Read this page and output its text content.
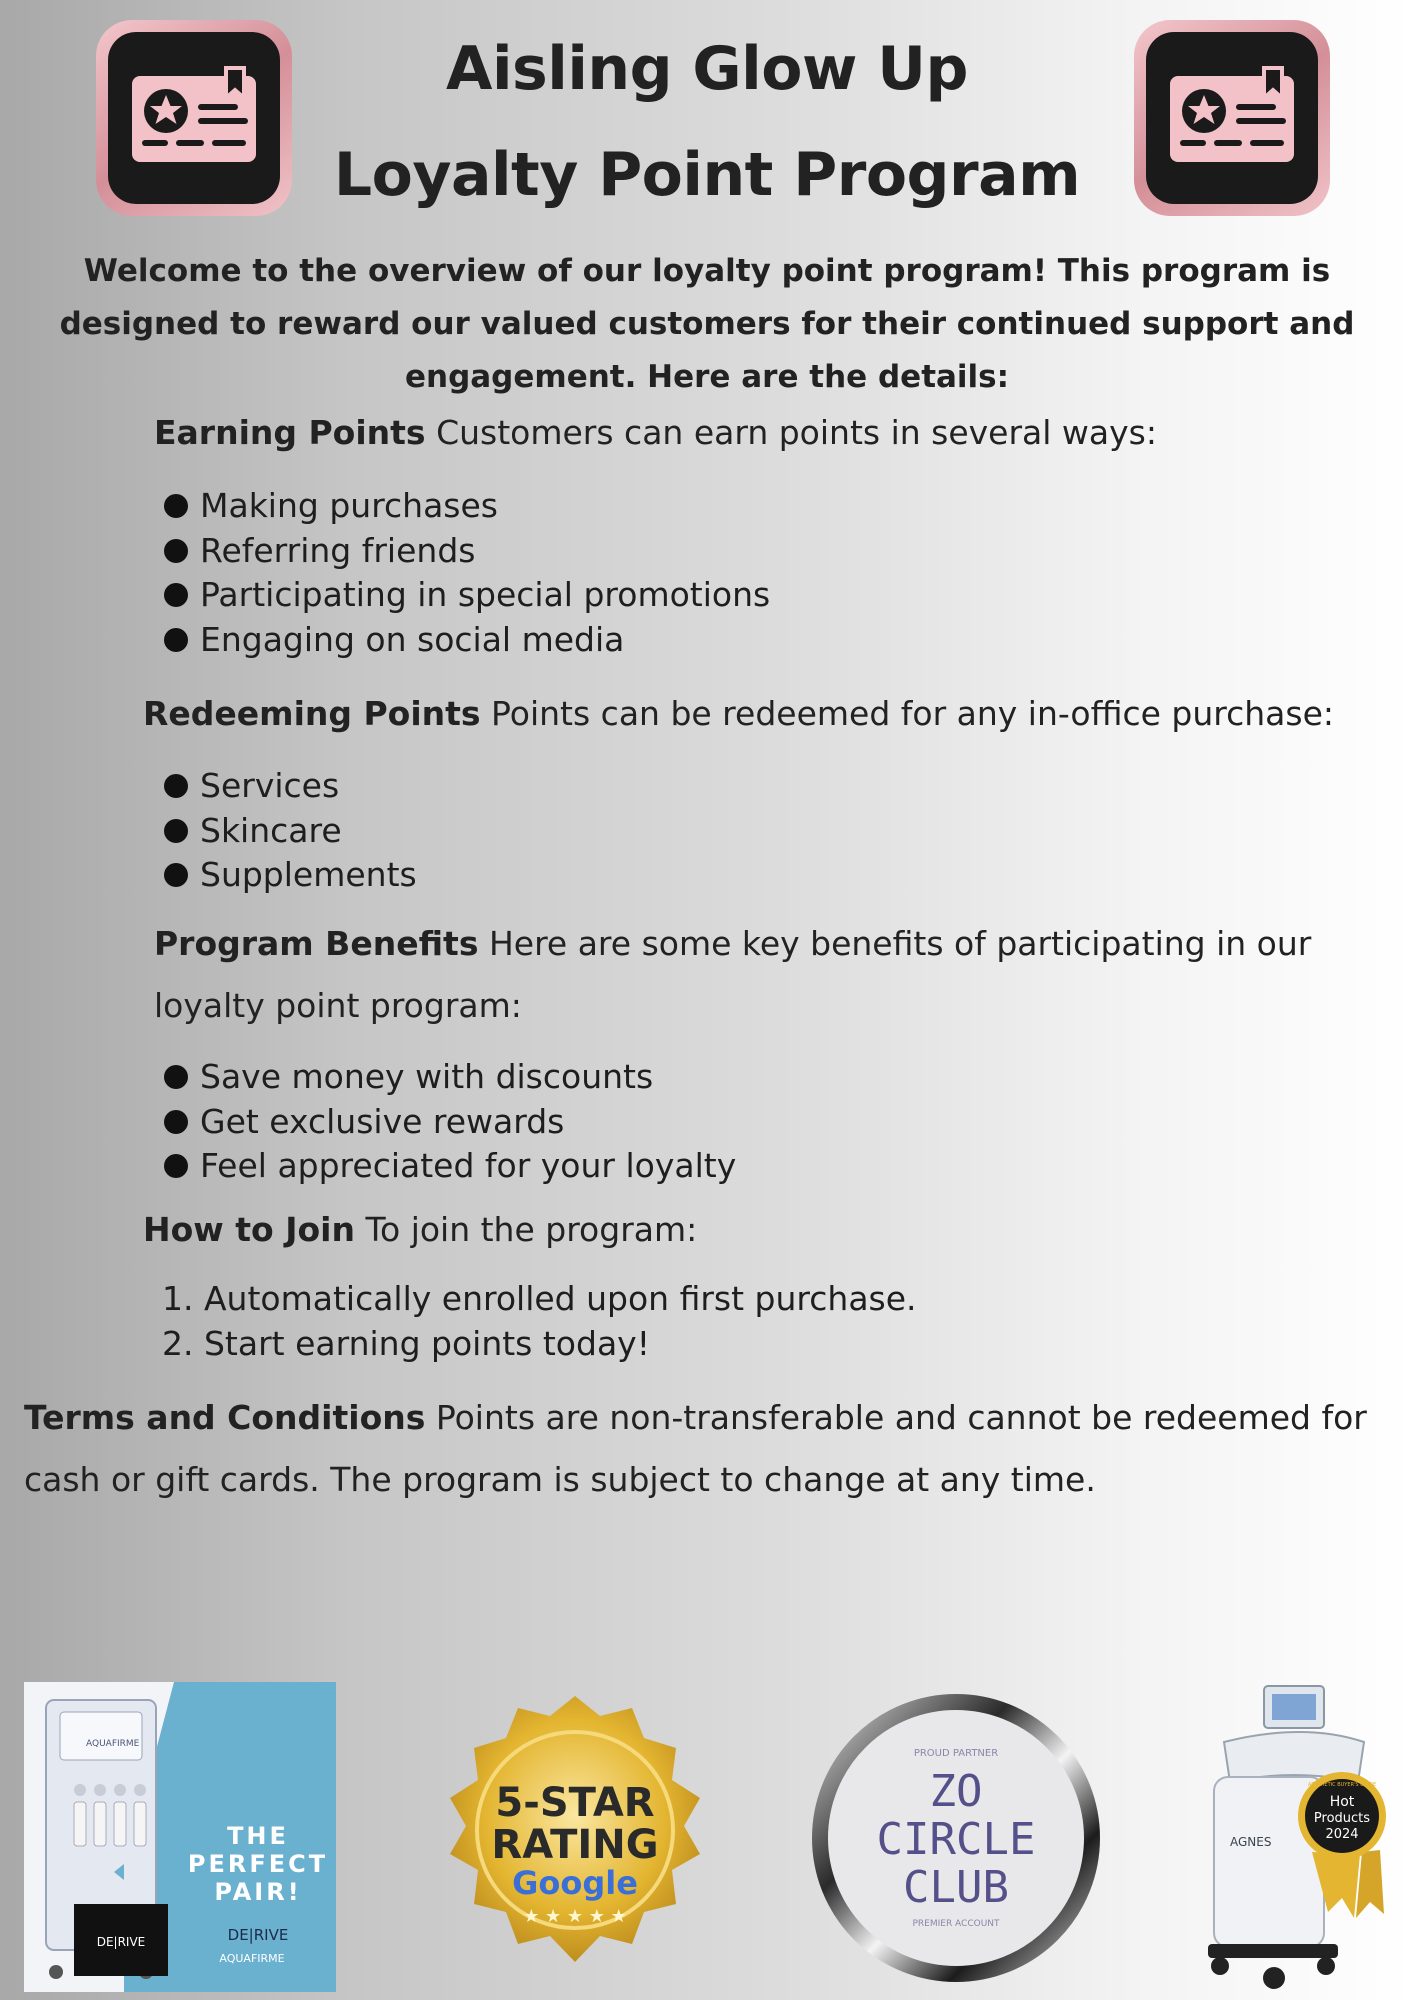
Aisling Glow Up
Loyalty Point Program

Welcome to the overview of our loyalty point program! This program is designed to reward our valued customers for their continued support and engagement. Here are the details:

Earning Points Customers can earn points in several ways:

Making purchases
Referring friends
Participating in special promotions
Engaging on social media

Redeeming Points Points can be redeemed for any in-office purchase:

Services
Skincare
Supplements

Program Benefits Here are some key benefits of participating in our loyalty point program:

Save money with discounts
Get exclusive rewards
Feel appreciated for your loyalty

How to Join To join the program:

1. Automatically enrolled upon first purchase.
2. Start earning points today!

Terms and Conditions Points are non-transferable and cannot be redeemed for cash or gift cards. The program is subject to change at any time.

DE|RIVE
AQUAFIRME
THE
PERFECT
PAIR!
DE|RIVE
AQUAFIRME
5-STAR
RATING
Google
★ ★ ★ ★ ★
PROUD PARTNER
ZO
CIRCLE
CLUB
PREMIER ACCOUNT
AGNES
AESTHETIC BUYER'S GUIDE
Hot
Products
2024
